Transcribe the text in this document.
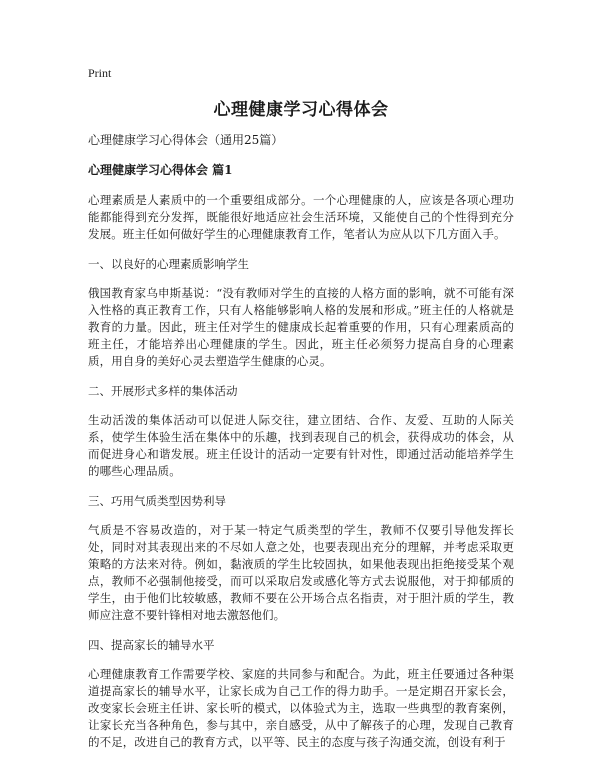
Print
心理健康学习心得体会
心理健康学习心得体会（通用25篇）
心理健康学习心得体会 篇1

心理素质是人素质中的一个重要组成部分。一个心理健康的人，应该是各项心理功能都能得到充分发挥，既能很好地适应社会生活环境，又能使自己的个性得到充分发展。班主任如何做好学生的心理健康教育工作，笔者认为应从以下几方面入手。

一、以良好的心理素质影响学生

俄国教育家乌申斯基说：“没有教师对学生的直接的人格方面的影响，就不可能有深入性格的真正教育工作，只有人格能够影响人格的发展和形成。”班主任的人格就是教育的力量。因此，班主任对学生的健康成长起着重要的作用，只有心理素质高的班主任，才能培养出心理健康的学生。因此，班主任必须努力提高自身的心理素质，用自身的美好心灵去塑造学生健康的心灵。

二、开展形式多样的集体活动

生动活泼的集体活动可以促进人际交往，建立团结、合作、友爱、互助的人际关系，使学生体验生活在集体中的乐趣，找到表现自己的机会，获得成功的体会，从而促进身心和谐发展。班主任设计的活动一定要有针对性，即通过活动能培养学生的哪些心理品质。

三、巧用气质类型因势利导

气质是不容易改造的，对于某一特定气质类型的学生，教师不仅要引导他发挥长处，同时对其表现出来的不尽如人意之处，也要表现出充分的理解，并考虑采取更策略的方法来对待。例如，黏液质的学生比较固执，如果他表现出拒绝接受某个观点，教师不必强制他接受，而可以采取启发或感化等方式去说服他，对于抑郁质的学生，由于他们比较敏感，教师不要在公开场合点名指责，对于胆汁质的学生，教师应注意不要针锋相对地去激怒他们。

四、提高家长的辅导水平

心理健康教育工作需要学校、家庭的共同参与和配合。为此，班主任要通过各种渠道提高家长的辅导水平，让家长成为自己工作的得力助手。一是定期召开家长会，改变家长会班主任讲、家长听的模式，以体验式为主，选取一些典型的教育案例，让家长充当各种角色，参与其中，亲自感受，从中了解孩子的心理，发现自己教育的不足，改进自己的教育方式，以平等、民主的态度与孩子沟通交流，创设有利于
